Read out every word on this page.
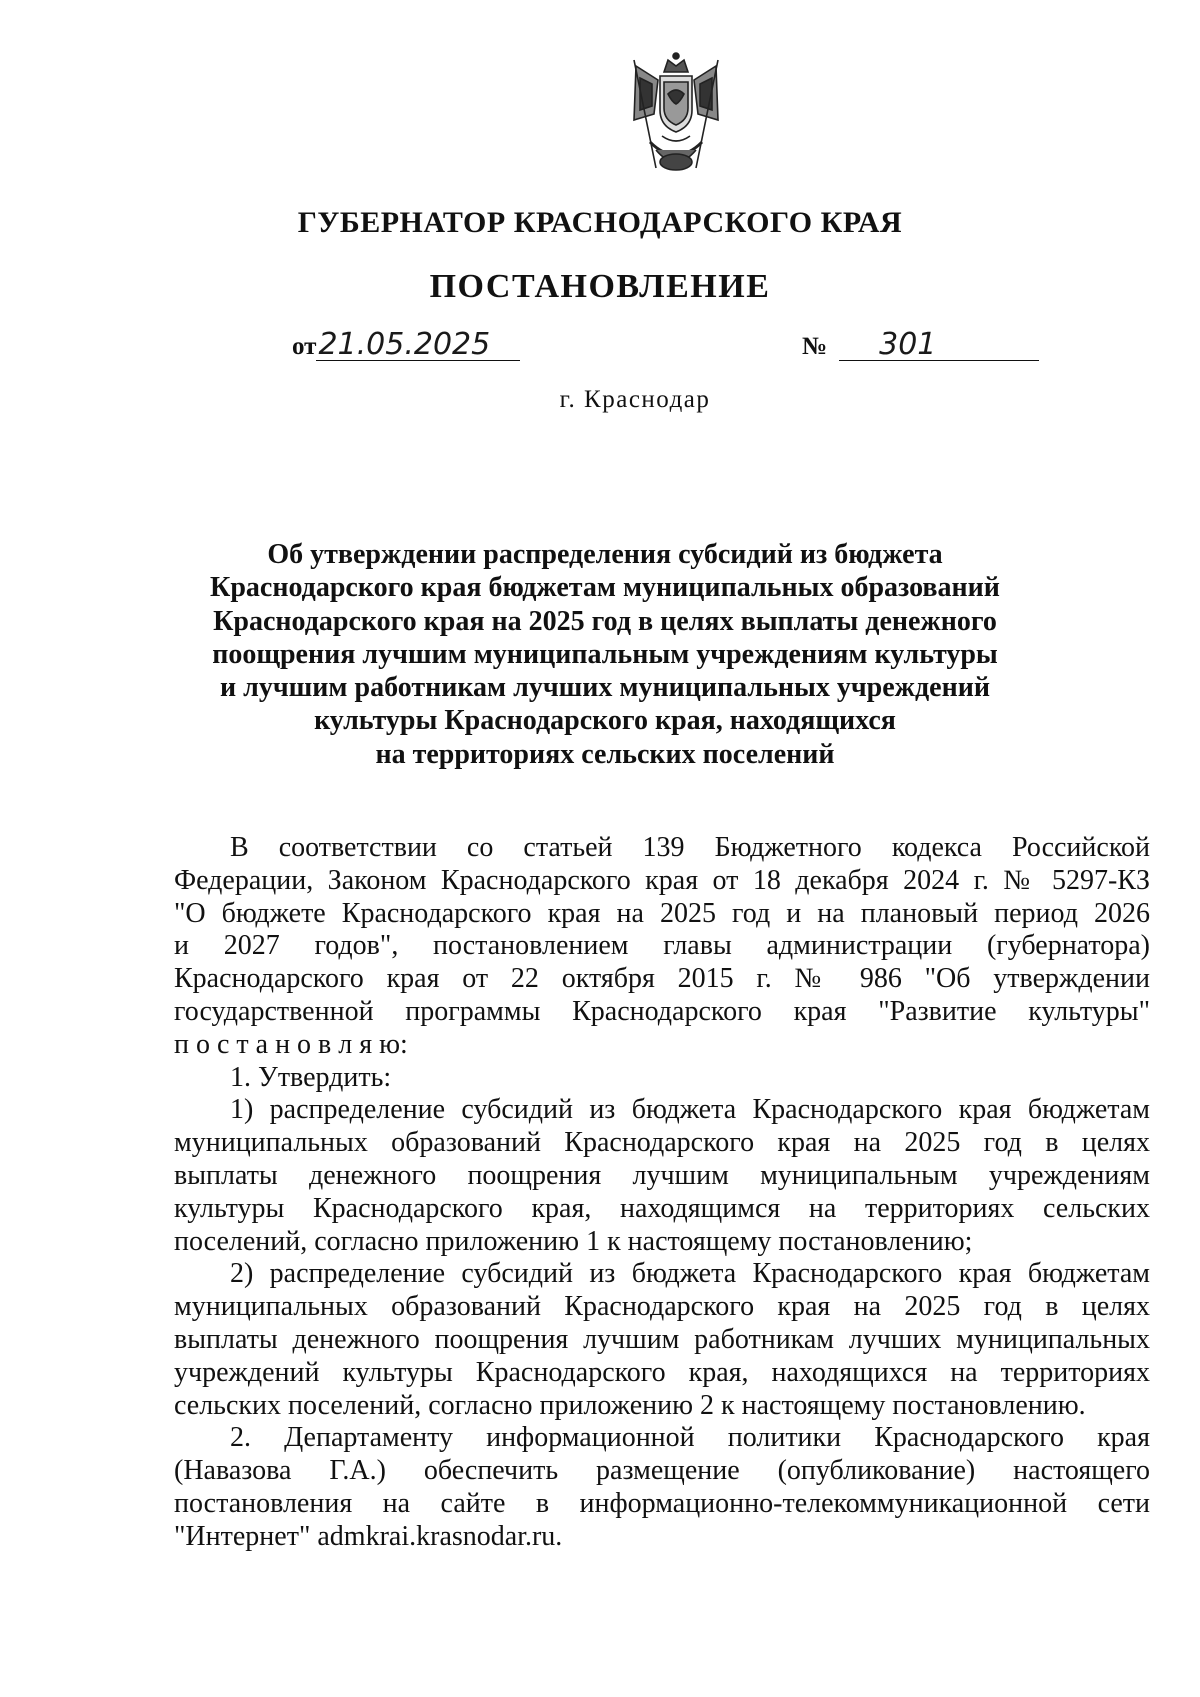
ГУБЕРНАТОР КРАСНОДАРСКОГО КРАЯ
ПОСТАНОВЛЕНИЕ
от 21.05.2025	№	301
г. Краснодар
Об утверждении распределения субсидий из бюджета
Краснодарского края бюджетам муниципальных образований
Краснодарского края на 2025 год в целях выплаты денежного
поощрения лучшим муниципальным учреждениям культуры
и лучшим работникам лучших муниципальных учреждений
культуры Краснодарского края, находящихся
на территориях сельских поселений

В соответствии со статьей 139 Бюджетного кодекса Российской
Федерации, Законом Краснодарского края от 18 декабря 2024 г. № 5297-КЗ
"О бюджете Краснодарского края на 2025 год и на плановый период 2026
и 2027 годов", постановлением главы администрации (губернатора)
Краснодарского края от 22 октября 2015 г. № 986 "Об утверждении
государственной программы Краснодарского края "Развитие культуры"
п о с т а н о в л я ю:

1. Утвердить:

1) распределение субсидий из бюджета Краснодарского края бюджетам
муниципальных образований Краснодарского края на 2025 год в целях
выплаты денежного поощрения лучшим муниципальным учреждениям
культуры Краснодарского края, находящимся на территориях сельских
поселений, согласно приложению 1 к настоящему постановлению;

2) распределение субсидий из бюджета Краснодарского края бюджетам
муниципальных образований Краснодарского края на 2025 год в целях
выплаты денежного поощрения лучшим работникам лучших муниципальных
учреждений культуры Краснодарского края, находящихся на территориях
сельских поселений, согласно приложению 2 к настоящему постановлению.

2. Департаменту информационной политики Краснодарского края
(Навазова Г.А.) обеспечить размещение (опубликование) настоящего
постановления на сайте в информационно-телекоммуникационной сети
"Интернет" admkrai.krasnodar.ru.
